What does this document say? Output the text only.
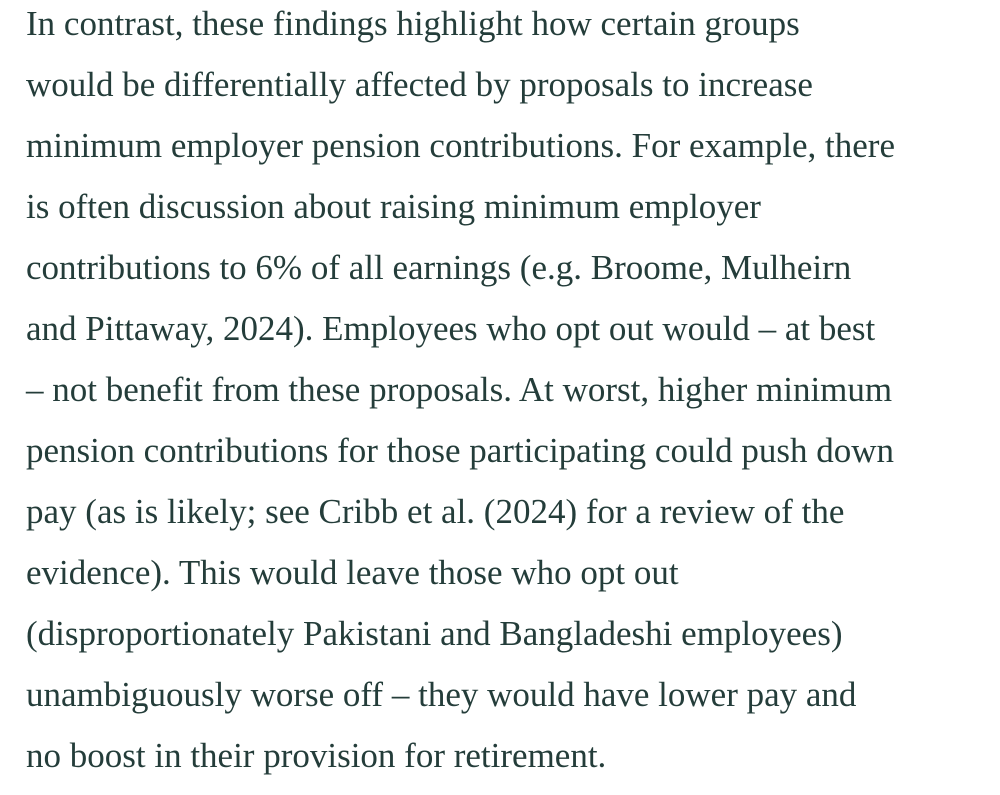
In contrast, these findings highlight how certain groups
would be differentially affected by proposals to increase
minimum employer pension contributions. For example, there
is often discussion about raising minimum employer
contributions to 6% of all earnings (e.g. Broome, Mulheirn
and Pittaway, 2024). Employees who opt out would – at best
– not benefit from these proposals. At worst, higher minimum
pension contributions for those participating could push down
pay (as is likely; see Cribb et al. (2024) for a review of the
evidence). This would leave those who opt out
(disproportionately Pakistani and Bangladeshi employees)
unambiguously worse off – they would have lower pay and
no boost in their provision for retirement.
